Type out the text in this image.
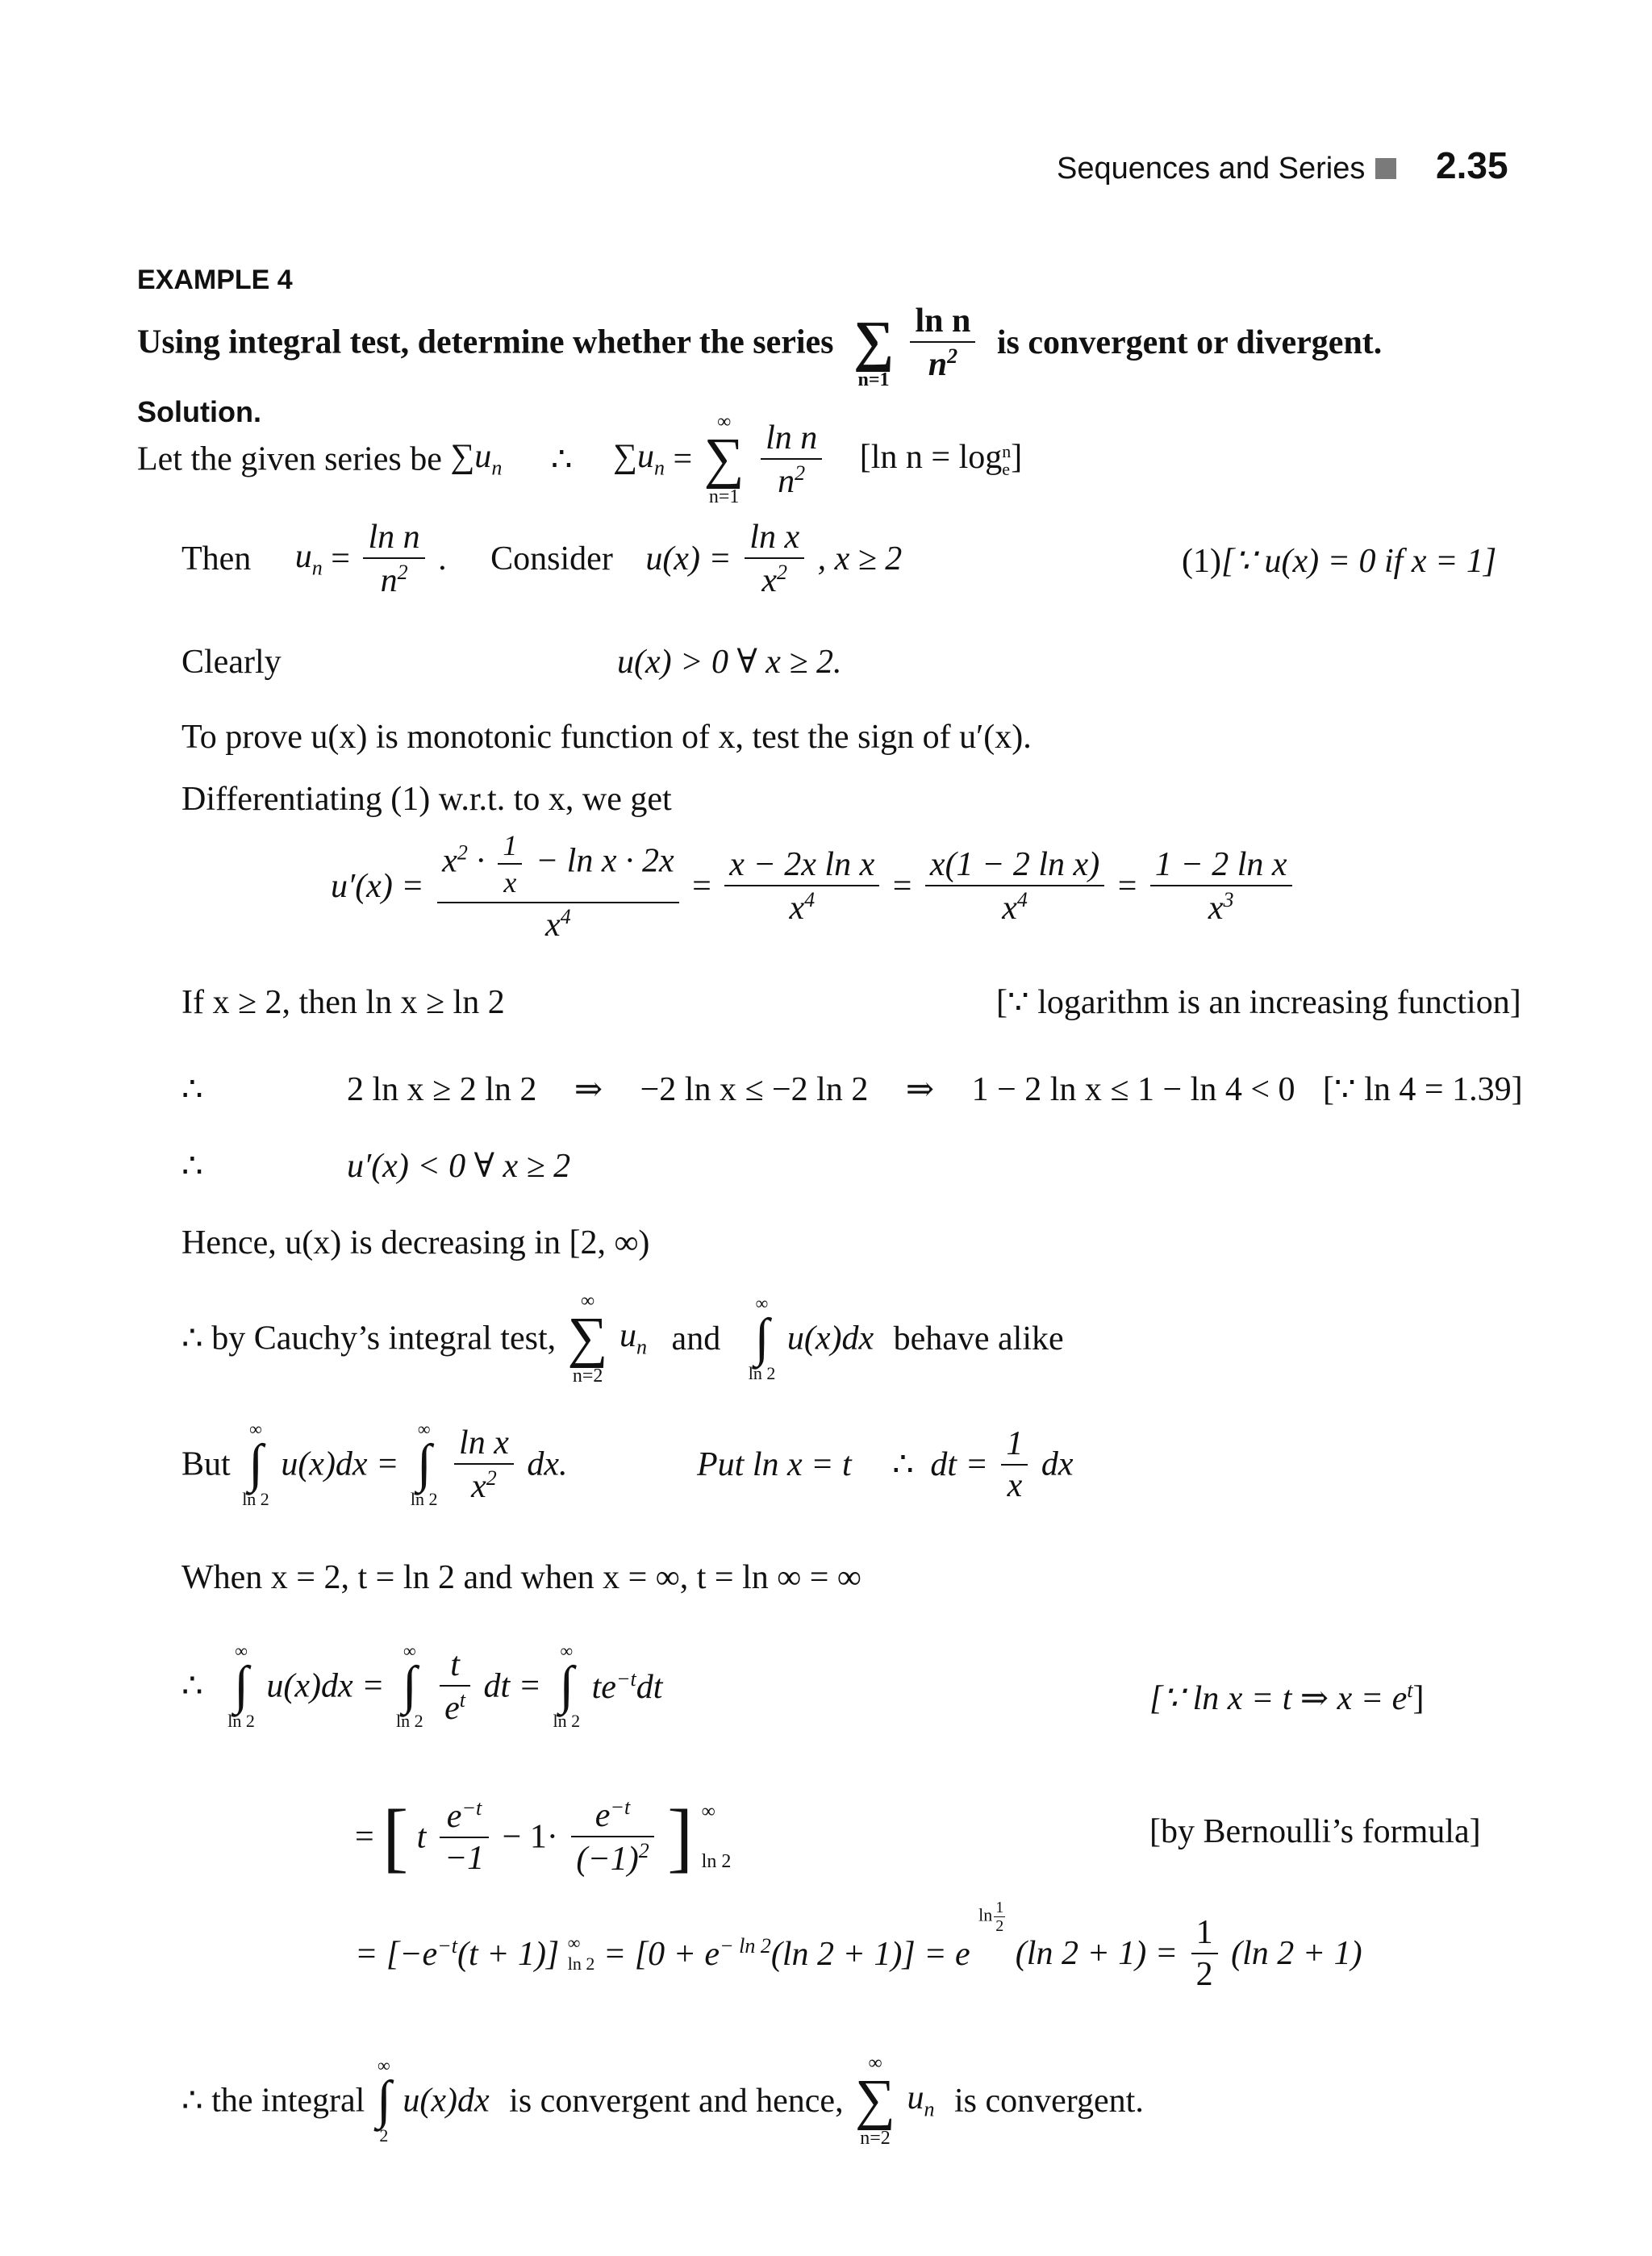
Sequences and Series 2.35
EXAMPLE 4
Using integral test, determine whether the series ∑
n=1
$\frac{\text{ln n}}{n^2}$ is convergent or divergent.
Solution.
Let the given series be $\sum u_n$ ∴ $\sum u_n$ =
∞
∑
n=1
$\frac{\text{ln n}}{n^2} [\ln$ n = log n
e ]
Then $u_n = \frac{\text{ln n}}{n^2}$ . Consider $u(x) = \frac{\text{ln x}}{x^2}$ , x ≥ 2	(1)[∵ u(x) = 0 if x = 1]
Clearly	u(x) > 0 ∀ x ≥ 2.
To prove u(x) is monotonic function of x, test the sign of u′(x).
Differentiating (1) w.r.t. to x, we get
$u'(x) = \frac{x^2 \cdot \frac{1}{x} - \ln x \cdot 2x}{x^4} = \frac{\text{x − 2x ln x}}{x^4} = \frac{\text{x(1 − 2 ln x)}}{x^4} = \frac{\text{1 − 2 ln x}}{x^3}$
If x ≥ 2, then ln x ≥ ln 2	[∵ logarithm is an increasing function]
∴	2 ln x ≥ 2 ln 2 ⇒ −2 ln x ≤ −2 ln 2 ⇒ 1 − 2 ln x ≤ 1 − ln 4 < 0 [∵ ln 4 = 1.39]
∴	u′(x) < 0 ∀ x ≥ 2
Hence, u(x) is decreasing in [2, ∞)
∴ by Cauchy’s integral test,
∞
∑
n=2
$u_n$ and
∞
∫
ln 2
u(x)dx behave alike
But
∞
∫
ln 2
u(x)dx =
∞
∫
ln 2
$\frac{\text{ln x}}{x^2}$ dx.	Put ln x = t ∴ dt = $\frac{1}{x}$ dx
When x = 2, t = ln 2 and when x = ∞, t = ln ∞ = ∞
∴
∞
∫
ln 2
u(x)dx =
∞
∫
ln 2
$\frac{t}{e^t}$ dt =
∞
∫
ln 2
$te^{-t}dt$	[∵ ln x = t ⇒ $x = e^t$]
= [ t $\frac{e^{-t}}{-1} - 1\cdot \frac{e^{-t}}{(-1)^2}$ ] ∞
ln 2
[by Bernoulli’s formula]
= $[-e^{-t}(t + 1)]$ ∞
$\ln 2 = [0 + e^{- ln 2}(\ln$ 2 + 1)] = e $\ln \frac{1}{2}$
(ln $2 + 1) = \frac{1}{2} (\ln$ 2 + 1)
∴ the integral
∞
∫
2
u(x)dx is convergent and hence,
∞
∑
n=2
$u_n$ is convergent.
